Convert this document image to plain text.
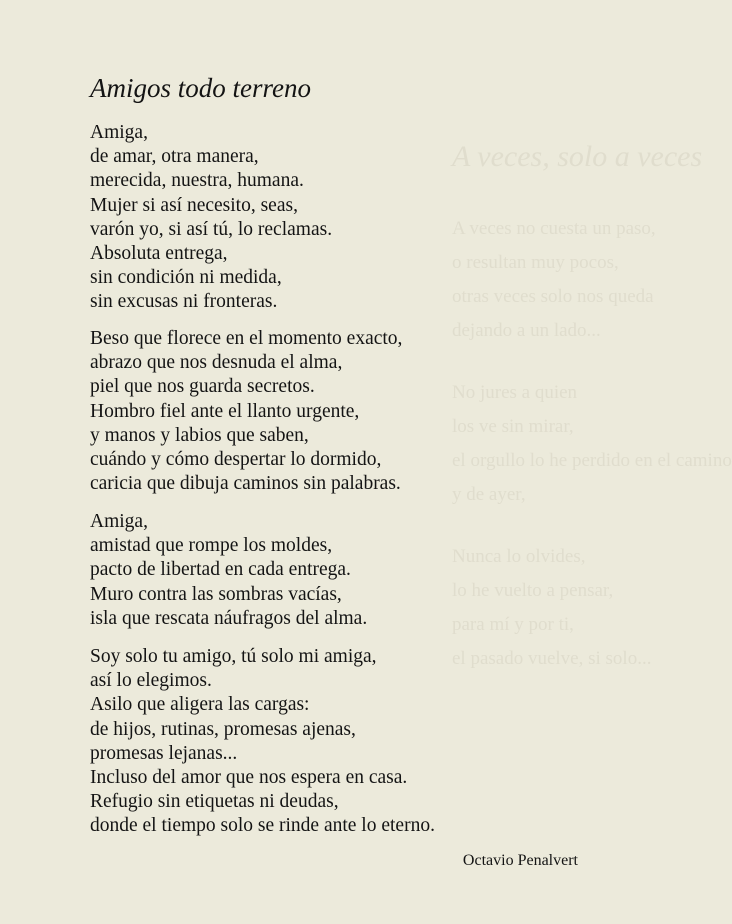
A veces, solo a veces
A veces no cuesta un paso,
o resultan muy pocos,
otras veces solo nos queda
dejando a un lado...
No jures a quien
los ve sin mirar,
el orgullo lo he perdido en el camino
y de ayer,
Nunca lo olvides,
lo he vuelto a pensar,
para mí y por ti,
el pasado vuelve, si solo...
Amigos todo terreno
Amiga,
de amar, otra manera,
merecida, nuestra, humana.
Mujer si así necesito, seas,
varón yo, si así tú, lo reclamas.
Absoluta entrega,
sin condición ni medida,
sin excusas ni fronteras.
Beso que florece en el momento exacto,
abrazo que nos desnuda el alma,
piel que nos guarda secretos.
Hombro fiel ante el llanto urgente,
y manos y labios que saben,
cuándo y cómo despertar lo dormido,
caricia que dibuja caminos sin palabras.
Amiga,
amistad que rompe los moldes,
pacto de libertad en cada entrega.
Muro contra las sombras vacías,
isla que rescata náufragos del alma.
Soy solo tu amigo, tú solo mi amiga,
así lo elegimos.
Asilo que aligera las cargas:
de hijos, rutinas, promesas ajenas,
promesas lejanas...
Incluso del amor que nos espera en casa.
Refugio sin etiquetas ni deudas,
donde el tiempo solo se rinde ante lo eterno.
Octavio Penalvert
